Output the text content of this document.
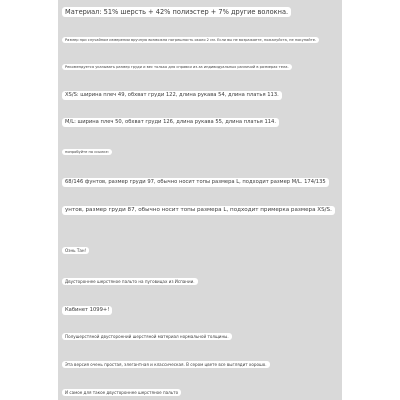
Материал: 51% шерсть + 42% полиэстер + 7% другие волокна.
Размер при случайном измерении вручную возможна погрешность около 2 см. Если вы не возражаете, пожалуйста, не покупайте.
Рекомендуется указывать размер груди и вес только для справки из-за индивидуальных различий в размерах тела.
XS/S: ширина плеч 49, обхват груди 122, длина рукава 54, длина платья 113.
M/L: ширина плеч 50, обхват груди 126, длина рукава 55, длина платья 114.
попробуйте по ссылке:
68/146 фунтов, размер груди 97, обычно носит топы размера L, подходит размер M/L. 174/135
унтов, размер груди 87, обычно носит топы размера L, подходит примерка размера XS/S.
Оэнь Тан!
Двустороннее шерстяное пальто на пуговицах из Испании.
Кабинет 1099+!
Полушерстяной двусторонний шерстяной материал нормальной толщины.
Эта версия очень простая, элегантная и классическая. В сером цвете все выглядит хорошо.
И самое для такое двустороннее шерстяное пальто
